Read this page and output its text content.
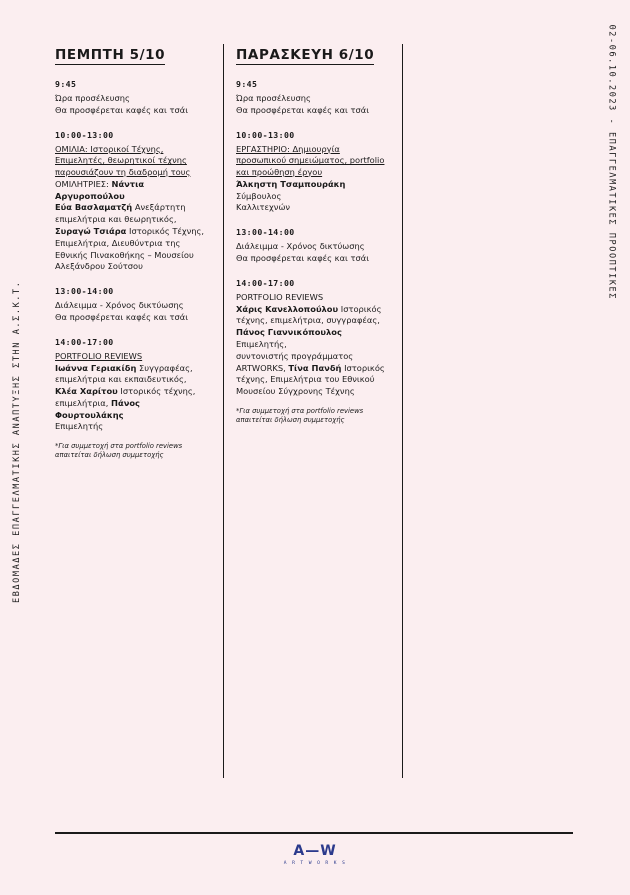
ΕΒΔΟΜΑΔΕΣ ΕΠΑΓΓΕΛΜΑΤΙΚΗΣ ΑΝΑΠΤΥΞΗΣ ΣΤΗΝ Α.Σ.Κ.Τ.
02-06.10.2023 - ΕΠΑΓΓΕΛΜΑΤΙΚΕΣ ΠΡΟΟΠΤΙΚΕΣ
ΠΕΜΠΤΗ 5/10
9:45

Ώρα προσέλευσης

Θα προσφέρεται καφές και τσάι

10:00-13:00

ΟΜΙΛΙΑ: Ιστορικοί Τέχνης,

Επιμελητές, θεωρητικοί τέχνης

παρουσιάζουν τη διαδρομή τους

ΟΜΙΛΗΤΡΙΕΣ: Νάντια Αργυροπούλου

Εύα Βασλαματζή Ανεξάρτητη

επιμελήτρια και θεωρητικός,

Συραγώ Τσιάρα Ιστορικός Τέχνης,

Επιμελήτρια, Διευθύντρια της

Εθνικής Πινακοθήκης – Μουσείου

Αλεξάνδρου Σούτσου

13:00-14:00

Διάλειμμα - Χρόνος δικτύωσης

Θα προσφέρεται καφές και τσάι

14:00-17:00

PORTFOLIO REVIEWS

Ιωάννα Γεριακίδη Συγγραφέας,

επιμελήτρια και εκπαιδευτικός,

Κλέα Χαρίτου Ιστορικός τέχνης,

επιμελήτρια, Πάνος Φουρτουλάκης

Επιμελητής

*Για συμμετοχή στα portfolio reviews απαιτείται δήλωση συμμετοχής
ΠΑΡΑΣΚΕΥΗ 6/10
9:45

Ώρα προσέλευσης

Θα προσφέρεται καφές και τσάι

10:00-13:00

ΕΡΓΑΣΤΗΡΙΟ: Δημιουργία

προσωπικού σημειώματος, portfolio

και προώθηση έργου

Άλκηστη Τσαμπουράκη Σύμβουλος

Καλλιτεχνών

13:00-14:00

Διάλειμμα - Χρόνος δικτύωσης

Θα προσφέρεται καφές και τσάι

14:00-17:00

PORTFOLIO REVIEWS

Χάρις Κανελλοπούλου Ιστορικός

τέχνης, επιμελήτρια, συγγραφέας,

Πάνος Γιαννικόπουλος Επιμελητής,

συντονιστής προγράμματος

ARTWORKS, Τίνα Πανδή Ιστορικός

τέχνης, Επιμελήτρια του Εθνικού

Μουσείου Σύγχρονης Τέχνης

*Για συμμετοχή στα portfolio reviews απαιτείται δήλωση συμμετοχής
A—W
A R T W O R K S
